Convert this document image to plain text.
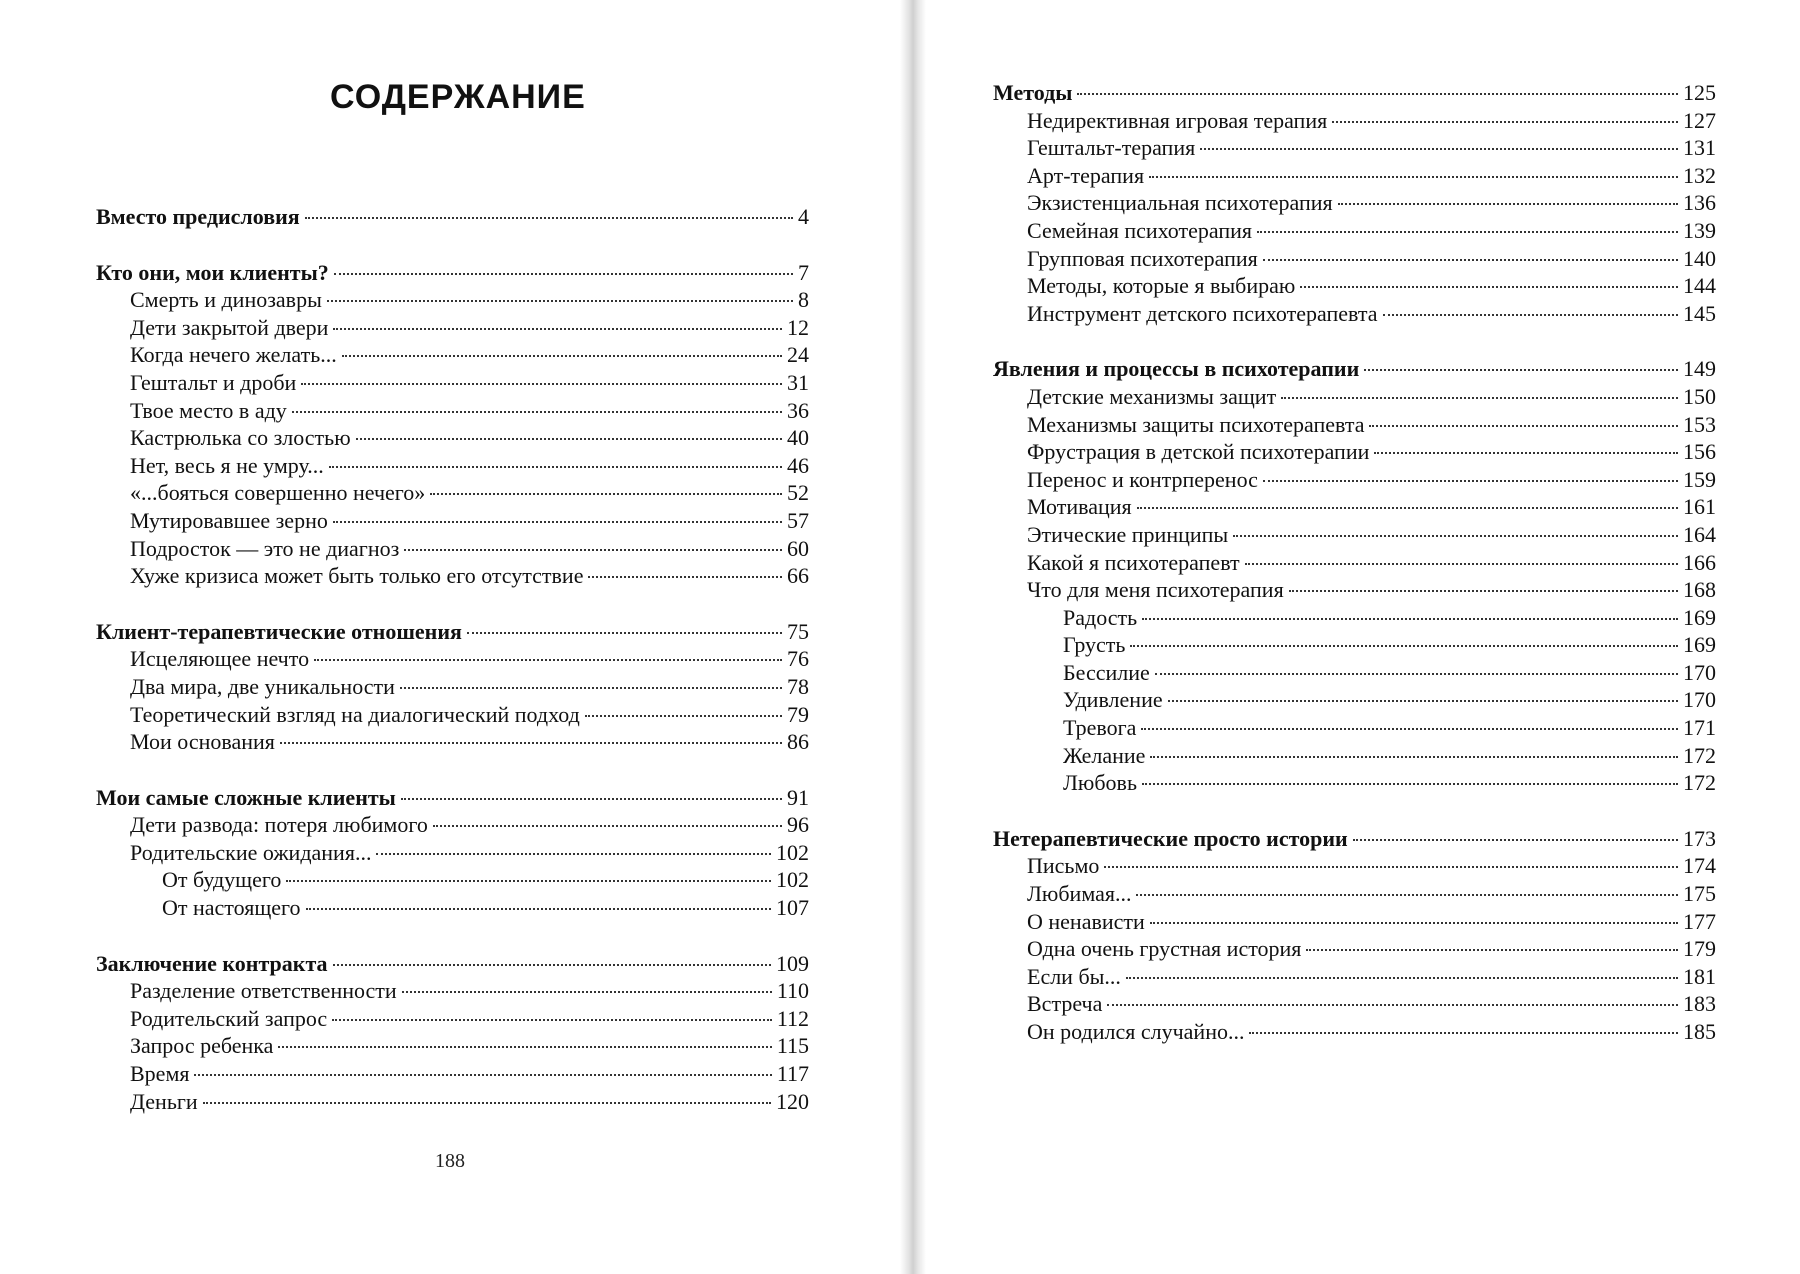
СОДЕРЖАНИЕ
Вместо предисловия	4
Кто они, мои клиенты?	7
Смерть и динозавры	8
Дети закрытой двери	12
Когда нечего желать...	24
Гештальт и дроби	31
Твое место в аду	36
Кастрюлька со злостью	40
Нет, весь я не умру...	46
«...бояться совершенно нечего»	52
Мутировавшее зерно	57
Подросток — это не диагноз	60
Хуже кризиса может быть только его отсутствие	66
Клиент-терапевтические отношения	75
Исцеляющее нечто	76
Два мира, две уникальности	78
Теоретический взгляд на диалогический подход	79
Мои основания	86
Мои самые сложные клиенты	91
Дети развода: потеря любимого	96
Родительские ожидания...	102
От будущего	102
От настоящего	107
Заключение контракта	109
Разделение ответственности	110
Родительский запрос	112
Запрос ребенка	115
Время	117
Деньги	120
188
Методы	125
Недирективная игровая терапия	127
Гештальт-терапия	131
Арт-терапия	132
Экзистенциальная психотерапия	136
Семейная психотерапия	139
Групповая психотерапия	140
Методы, которые я выбираю	144
Инструмент детского психотерапевта	145
Явления и процессы в психотерапии	149
Детские механизмы защит	150
Механизмы защиты психотерапевта	153
Фрустрация в детской психотерапии	156
Перенос и контрперенос	159
Мотивация	161
Этические принципы	164
Какой я психотерапевт	166
Что для меня психотерапия	168
Радость	169
Грусть	169
Бессилие	170
Удивление	170
Тревога	171
Желание	172
Любовь	172
Нетерапевтические просто истории	173
Письмо	174
Любимая...	175
О ненависти	177
Одна очень грустная история	179
Если бы...	181
Встреча	183
Он родился случайно...	185
